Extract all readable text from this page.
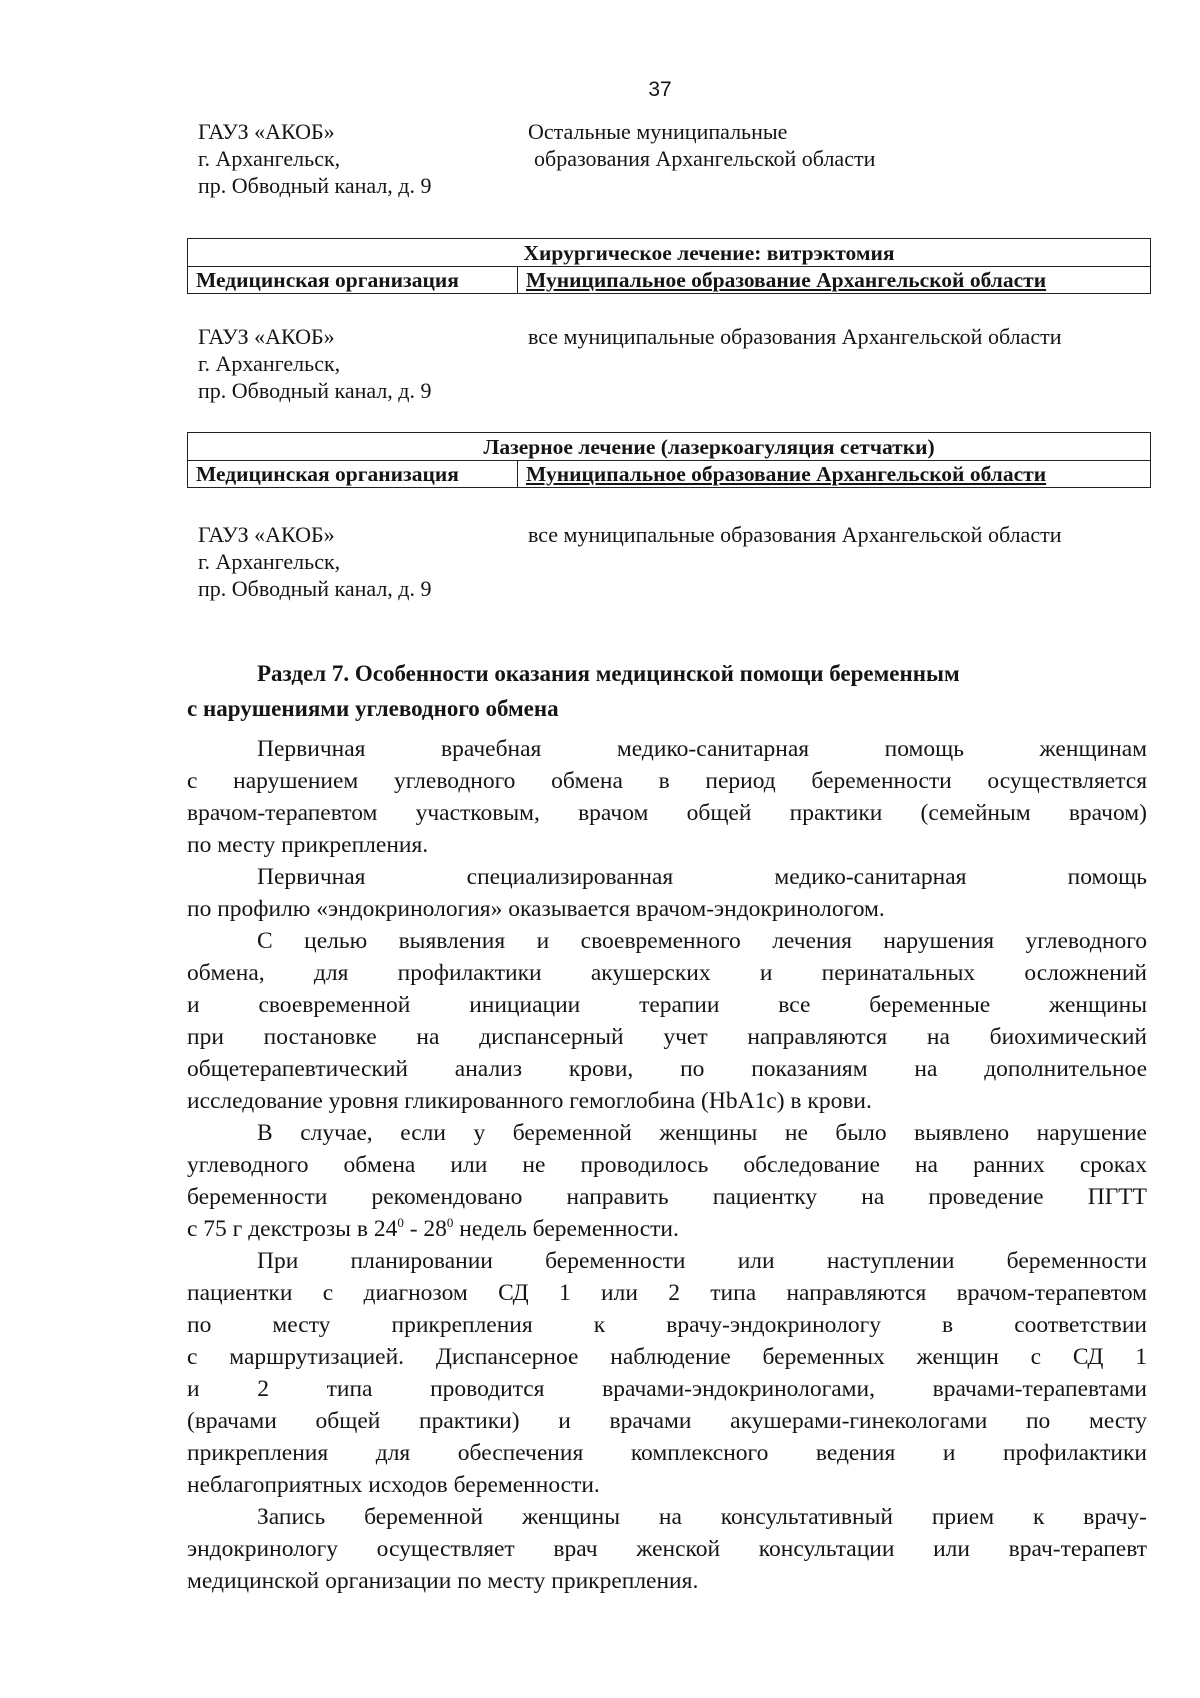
37
ГАУЗ «АКОБ»
г. Архангельск,
пр. Обводный канал, д. 9
Остальные муниципальные
образования Архангельской области
Хирургическое лечение: витрэктомия
Медицинская организация	Муниципальное образование Архангельской области
ГАУЗ «АКОБ»
г. Архангельск,
пр. Обводный канал, д. 9
все муниципальные образования Архангельской области
Лазерное лечение (лазеркоагуляция сетчатки)
Медицинская организация	Муниципальное образование Архангельской области
ГАУЗ «АКОБ»
г. Архангельск,
пр. Обводный канал, д. 9
все муниципальные образования Архангельской области
Раздел 7. Особенности оказания медицинской помощи беременным
с нарушениями углеводного обмена
Первичная врачебная медико-санитарная помощь женщинам
с нарушением углеводного обмена в период беременности осуществляется
врачом-терапевтом участковым, врачом общей практики (семейным врачом)
по месту прикрепления.
Первичная специализированная медико-санитарная помощь
по профилю «эндокринология» оказывается врачом-эндокринологом.
С целью выявления и своевременного лечения нарушения углеводного
обмена, для профилактики акушерских и перинатальных осложнений
и своевременной инициации терапии все беременные женщины
при постановке на диспансерный учет направляются на биохимический
общетерапевтический анализ крови, по показаниям на дополнительное
исследование уровня гликированного гемоглобина (HbA1c) в крови.
В случае, если у беременной женщины не было выявлено нарушение
углеводного обмена или не проводилось обследование на ранних сроках
беременности рекомендовано направить пациентку на проведение ПГТТ
с 75 г декстрозы в $24^0 - 28^0$ недель беременности.
При планировании беременности или наступлении беременности
пациентки с диагнозом СД 1 или 2 типа направляются врачом-терапевтом
по месту прикрепления к врачу-эндокринологу в соответствии
с маршрутизацией. Диспансерное наблюдение беременных женщин с СД 1
и 2 типа проводится врачами-эндокринологами, врачами-терапевтами
(врачами общей практики) и врачами акушерами-гинекологами по месту
прикрепления для обеспечения комплексного ведения и профилактики
неблагоприятных исходов беременности.
Запись беременной женщины на консультативный прием к врачу-
эндокринологу осуществляет врач женской консультации или врач-терапевт
медицинской организации по месту прикрепления.
